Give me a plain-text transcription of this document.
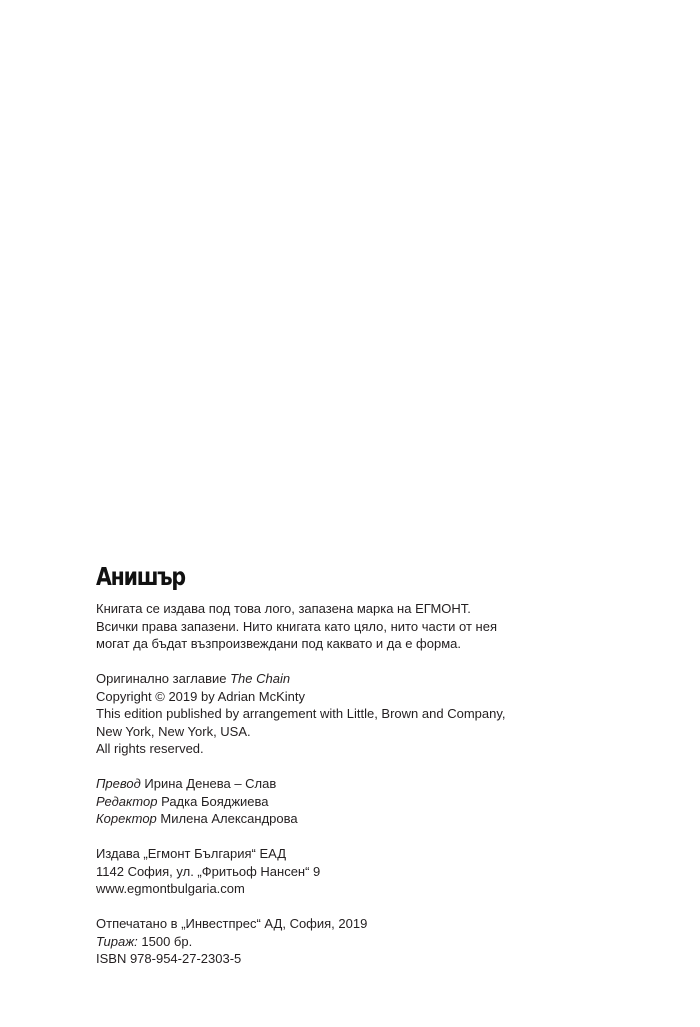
Анишър
Книгата се издава под това лого, запазена марка на ЕГМОНТ.
Всички права запазени. Нито книгата като цяло, нито части от нея
могат да бъдат възпроизвеждани под каквато и да е форма.
Оригинално заглавие The Chain
Copyright © 2019 by Adrian McKinty
This edition published by arrangement with Little, Brown and Company,
New York, New York, USA.
All rights reserved.
Превод Ирина Денева – Слав
Редактор Радка Бояджиева
Коректор Милена Александрова
Издава „Егмонт България“ ЕАД
1142 София, ул. „Фритьоф Нансен“ 9
www.egmontbulgaria.com
Отпечатано в „Инвестпрес“ АД, София, 2019
Тираж: 1500 бр.
ISBN 978-954-27-2303-5
